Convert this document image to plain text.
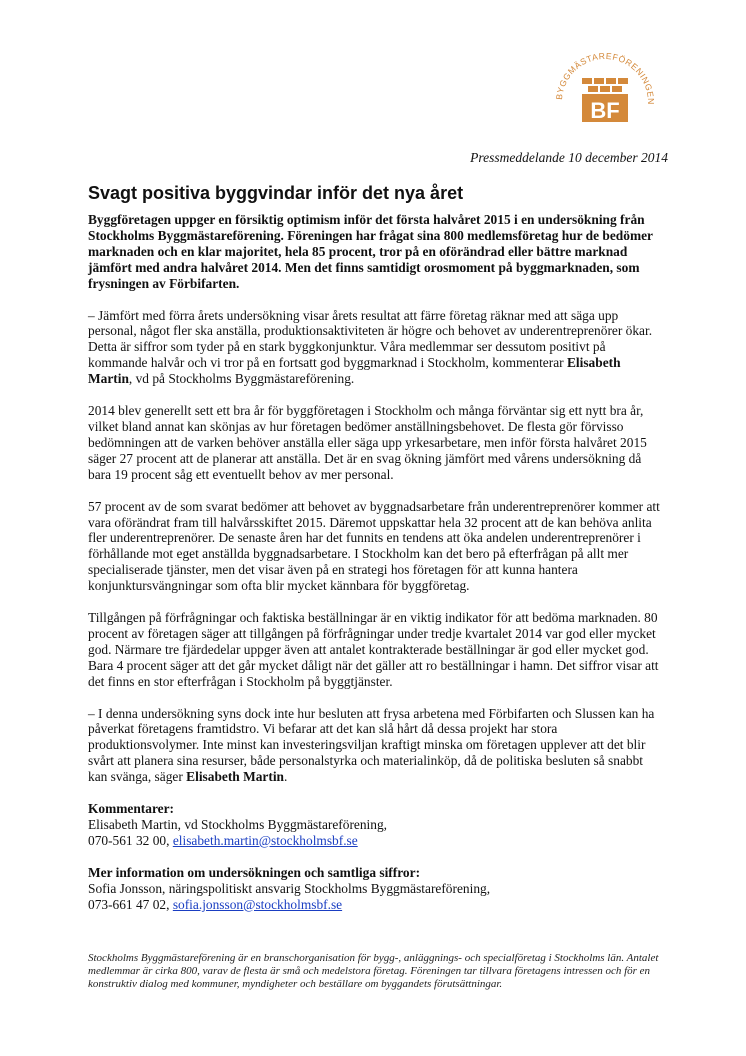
BYGGMÄSTAREFÖRENINGEN
BF
Pressmeddelande 10 december 2014
Svagt positiva byggvindar inför det nya året

Byggföretagen uppger en försiktig optimism inför det första halvåret 2015 i en undersökning från Stockholms Byggmästareförening. Föreningen har frågat sina 800 medlemsföretag hur de bedömer marknaden och en klar majoritet, hela 85 procent, tror på en oförändrad eller bättre marknad jämfört med andra halvåret 2014. Men det finns samtidigt orosmoment på byggmarknaden, som frysningen av Förbifarten.

– Jämfört med förra årets undersökning visar årets resultat att färre företag räknar med att säga upp personal, något fler ska anställa, produktionsaktiviteten är högre och behovet av underentreprenörer ökar. Detta är siffror som tyder på en stark byggkonjunktur. Våra medlemmar ser dessutom positivt på kommande halvår och vi tror på en fortsatt god byggmarknad i Stockholm, kommenterar Elisabeth Martin, vd på Stockholms Byggmästareförening.

2014 blev generellt sett ett bra år för byggföretagen i Stockholm och många förväntar sig ett nytt bra år, vilket bland annat kan skönjas av hur företagen bedömer anställningsbehovet. De flesta gör förvisso bedömningen att de varken behöver anställa eller säga upp yrkesarbetare, men inför första halvåret 2015 säger 27 procent att de planerar att anställa. Det är en svag ökning jämfört med vårens undersökning då bara 19 procent såg ett eventuellt behov av mer personal.

57 procent av de som svarat bedömer att behovet av byggnadsarbetare från underentreprenörer kommer att vara oförändrat fram till halvårsskiftet 2015. Däremot uppskattar hela 32 procent att de kan behöva anlita fler underentreprenörer. De senaste åren har det funnits en tendens att öka andelen underentreprenörer i förhållande mot eget anställda byggnadsarbetare. I Stockholm kan det bero på efterfrågan på allt mer specialiserade tjänster, men det visar även på en strategi hos företagen för att kunna hantera konjunktursvängningar som ofta blir mycket kännbara för byggföretag.

Tillgången på förfrågningar och faktiska beställningar är en viktig indikator för att bedöma marknaden. 80 procent av företagen säger att tillgången på förfrågningar under tredje kvartalet 2014 var god eller mycket god. Närmare tre fjärdedelar uppger även att antalet kontrakterade beställningar är god eller mycket god. Bara 4 procent säger att det går mycket dåligt när det gäller att ro beställningar i hamn. Det siffror visar att det finns en stor efterfrågan i Stockholm på byggtjänster.

– I denna undersökning syns dock inte hur besluten att frysa arbetena med Förbifarten och Slussen kan ha påverkat företagens framtidstro. Vi befarar att det kan slå hårt då dessa projekt har stora produktionsvolymer. Inte minst kan investeringsviljan kraftigt minska om företagen upplever att det blir svårt att planera sina resurser, både personalstyrka och materialinköp, då de politiska besluten så snabbt kan svänga, säger Elisabeth Martin.

Kommentarer:
Elisabeth Martin, vd Stockholms Byggmästareförening,
070-561 32 00, elisabeth.martin@stockholmsbf.se
Mer information om undersökningen och samtliga siffror:
Sofia Jonsson, näringspolitiskt ansvarig Stockholms Byggmästareförening,
073-661 47 02, sofia.jonsson@stockholmsbf.se
Stockholms Byggmästareförening är en branschorganisation för bygg-, anläggnings- och specialföretag i Stockholms län. Antalet medlemmar är cirka 800, varav de flesta är små och medelstora företag. Föreningen tar tillvara företagens intressen och för en konstruktiv dialog med kommuner, myndigheter och beställare om byggandets förutsättningar.
